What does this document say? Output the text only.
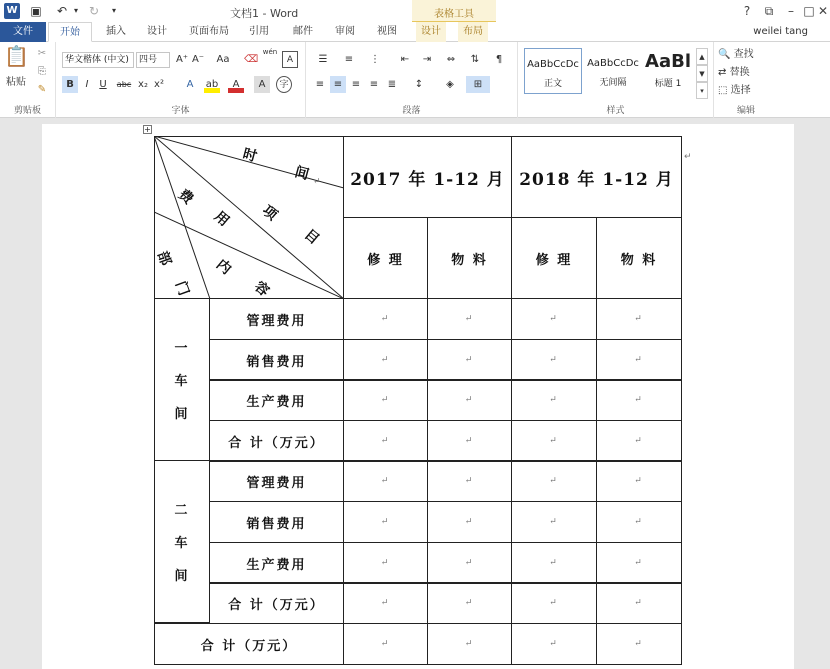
W ▣ ↶ ▾ ↻	▾	文档1 - Word	表格工具	?	⧉	– □ ✕
文件	开始	插入	设计	页面布局	引用	邮件	审阅	视图	设计	布局	weilei tang
📋
粘贴
✂
⎘
✎
剪贴板
华文楷体 (中文)	四号	A⁺ A⁻	Aa	⌫
wén
A
B	I	U	abc x₂ x²	A	ab	A	A	字
字体
☰	≡	⋮	⇤	⇥	⇔	⇅	¶
≡ ≡ ≡ ≡ ≣	↕	◈	⊞
段落
AaBbCcDc
正文
AaBbCcDc
无间隔
AaBl
标题 1
▲
▼
▾
样式
🔍 查找
⇄ 替换
⬚ 选择
编辑
+
时
间 ↵
费
用 项
目
部
门
内
容
2017 年 1-12 月 2018 年 1-12 月
修 理	物 料	修 理	物 料
一
车
间
管理费用	↵	↵	↵	↵
销售费用	↵	↵	↵	↵
生产费用	↵	↵	↵	↵
合 计（万元）	↵	↵	↵	↵
二
车
间
管理费用	↵	↵	↵	↵
销售费用	↵	↵	↵	↵
生产费用	↵	↵	↵	↵
合 计（万元）	↵	↵	↵	↵
合 计（万元）	↵	↵	↵	↵
↵
